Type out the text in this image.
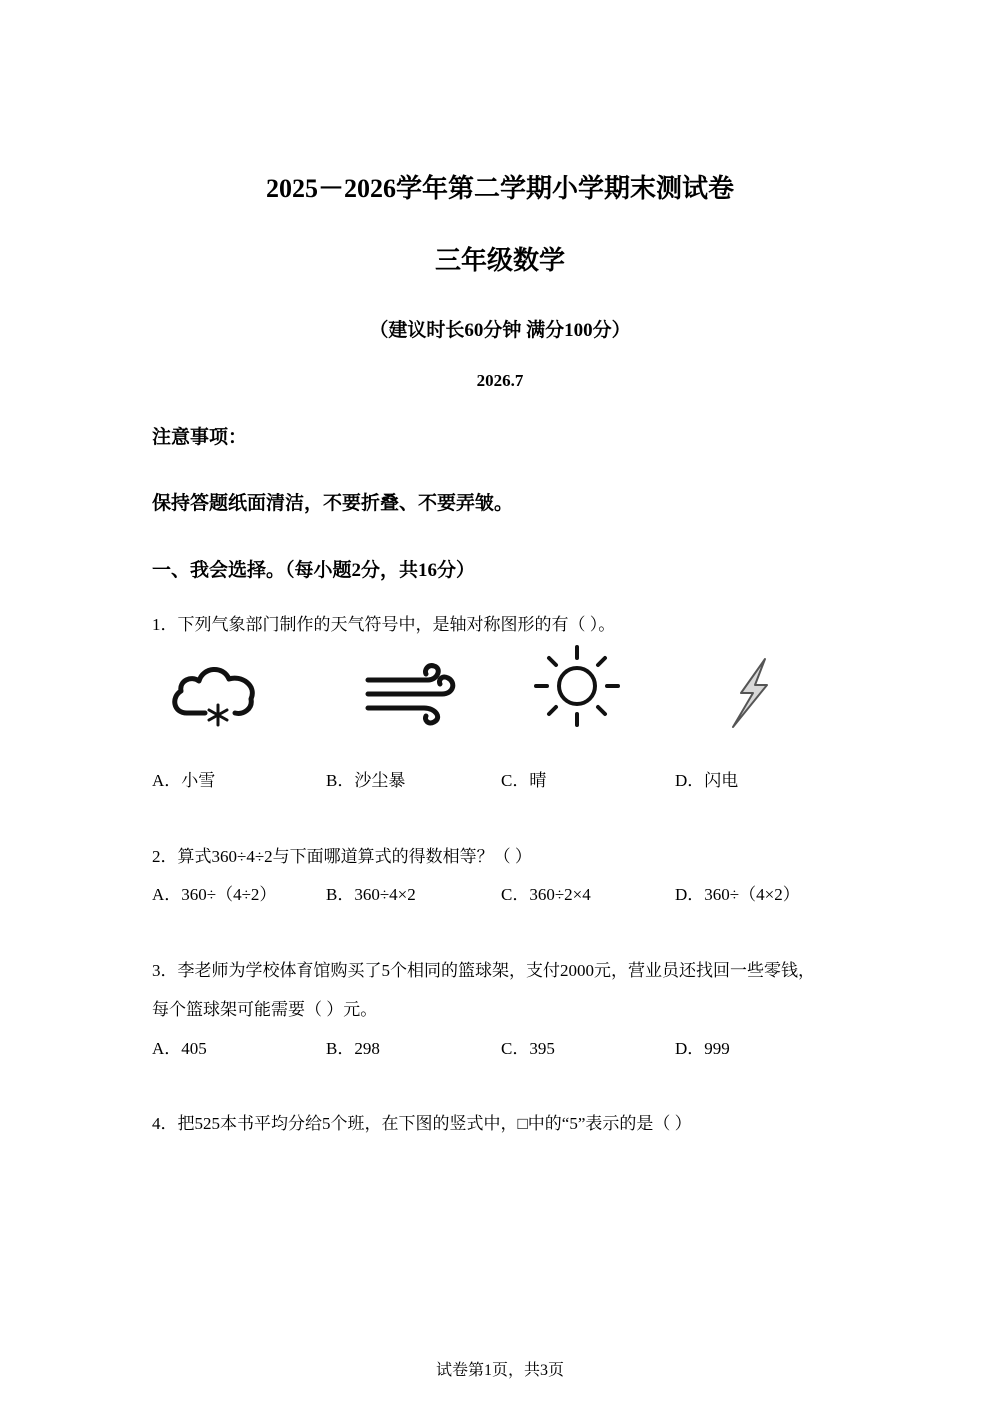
2025－2026学年第二学期小学期末测试卷
三年级数学
（建议时长60分钟 满分100分）
2026.7
注意事项：
保持答题纸面清洁，不要折叠、不要弄皱。
一、我会选择。（每小题2分，共16分）
1．下列气象部门制作的天气符号中，是轴对称图形的有（ ）。
A．小雪	B．沙尘暴	C．晴	D．闪电
2．算式360÷4÷2与下面哪道算式的得数相等？（ ）
A．360÷（4÷2）	B．360÷4×2	C．360÷2×4	D．360÷（4×2）
3．李老师为学校体育馆购买了5个相同的篮球架，支付2000元，营业员还找回一些零钱，
每个篮球架可能需要（ ）元。
A．405	B．298	C．395	D．999
4．把525本书平均分给5个班，在下图的竖式中，□中的“5”表示的是（ ）
试卷第1页，共3页
